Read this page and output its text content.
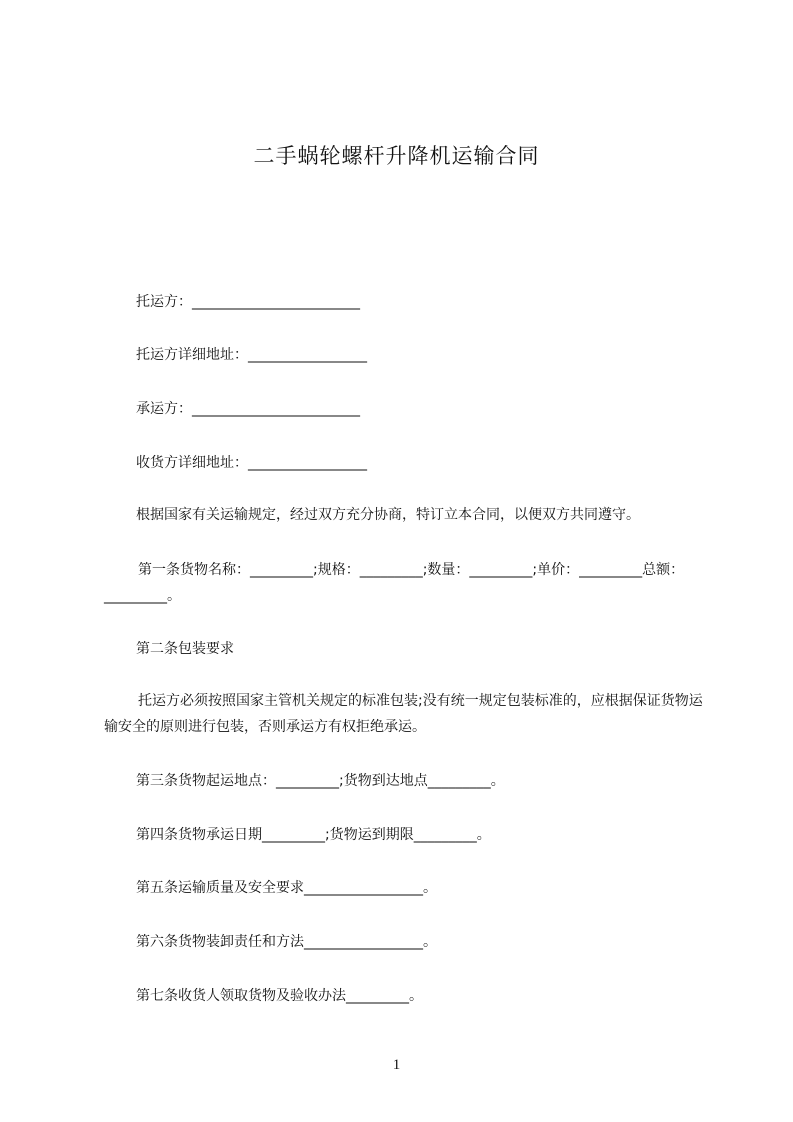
二手蜗轮螺杆升降机运输合同
托运方：________________________
托运方详细地址：_________________
承运方：________________________
收货方详细地址：_________________
根据国家有关运输规定，经过双方充分协商，特订立本合同，以便双方共同遵守。
第一条货物名称：_________;规格：_________;数量：_________;单价：_________总额：_________。
第二条包装要求
托运方必须按照国家主管机关规定的标准包装;没有统一规定包装标准的，应根据保证货物运输安全的原则进行包装，否则承运方有权拒绝承运。
第三条货物起运地点：_________;货物到达地点_________。
第四条货物承运日期_________;货物运到期限_________。
第五条运输质量及安全要求_________________。
第六条货物装卸责任和方法_________________。
第七条收货人领取货物及验收办法_________。
1
